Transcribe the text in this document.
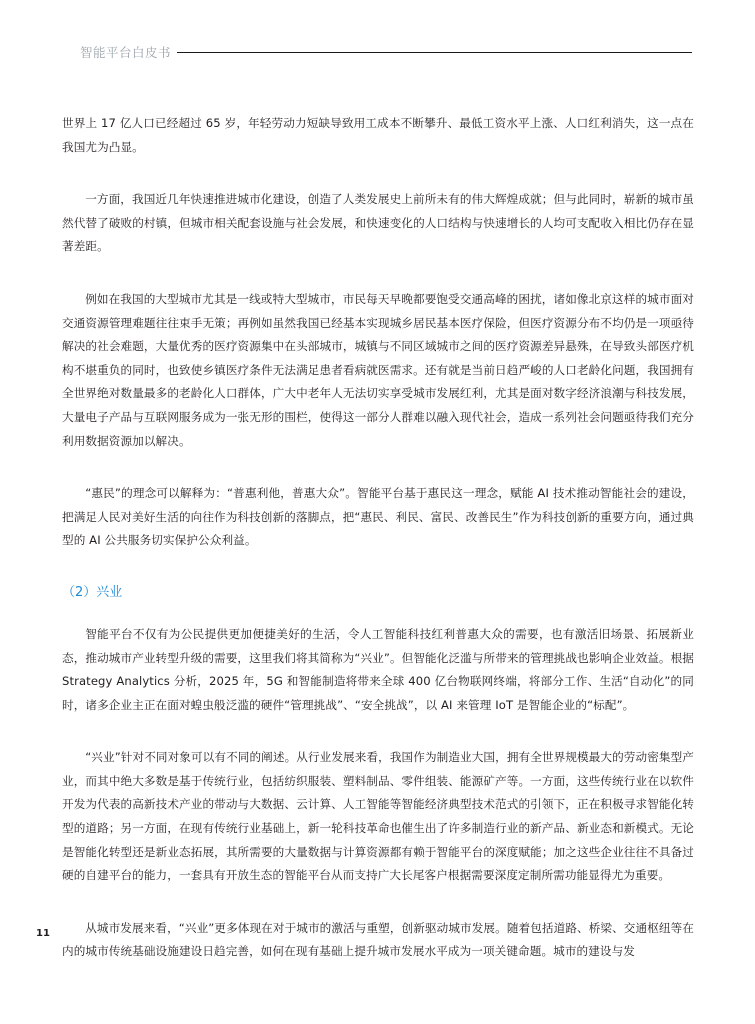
智能平台白皮书

世界上 17 亿人口已经超过 65 岁，年轻劳动力短缺导致用工成本不断攀升、最低工资水平上涨、人口红利消失，这一点在我国尤为凸显。

一方面，我国近几年快速推进城市化建设，创造了人类发展史上前所未有的伟大辉煌成就；但与此同时，崭新的城市虽然代替了破败的村镇，但城市相关配套设施与社会发展，和快速变化的人口结构与快速增长的人均可支配收入相比仍存在显著差距。

例如在我国的大型城市尤其是一线或特大型城市，市民每天早晚都要饱受交通高峰的困扰，诸如像北京这样的城市面对交通资源管理难题往往束手无策；再例如虽然我国已经基本实现城乡居民基本医疗保险，但医疗资源分布不均仍是一项亟待解决的社会难题，大量优秀的医疗资源集中在头部城市，城镇与不同区域城市之间的医疗资源差异悬殊，在导致头部医疗机构不堪重负的同时，也致使乡镇医疗条件无法满足患者看病就医需求。还有就是当前日趋严峻的人口老龄化问题，我国拥有全世界绝对数量最多的老龄化人口群体，广大中老年人无法切实享受城市发展红利，尤其是面对数字经济浪潮与科技发展，大量电子产品与互联网服务成为一张无形的围栏，使得这一部分人群难以融入现代社会，造成一系列社会问题亟待我们充分利用数据资源加以解决。

“惠民”的理念可以解释为：“普惠利他，普惠大众”。智能平台基于惠民这一理念，赋能 AI 技术推动智能社会的建设，把满足人民对美好生活的向往作为科技创新的落脚点，把“惠民、利民、富民、改善民生”作为科技创新的重要方向，通过典型的 AI 公共服务切实保护公众利益。

（2）兴业

智能平台不仅有为公民提供更加便捷美好的生活，令人工智能科技红利普惠大众的需要，也有激活旧场景、拓展新业态，推动城市产业转型升级的需要，这里我们将其简称为“兴业”。但智能化泛滥与所带来的管理挑战也影响企业效益。根据 Strategy Analytics 分析，2025 年，5G 和智能制造将带来全球 400 亿台物联网终端，将部分工作、生活“自动化”的同时，诸多企业主正在面对蝗虫般泛滥的硬件“管理挑战”、“安全挑战”，以 AI 来管理 IoT 是智能企业的“标配”。

“兴业”针对不同对象可以有不同的阐述。从行业发展来看，我国作为制造业大国，拥有全世界规模最大的劳动密集型产业，而其中绝大多数是基于传统行业，包括纺织服装、塑料制品、零件组装、能源矿产等。一方面，这些传统行业在以软件开发为代表的高新技术产业的带动与大数据、云计算、人工智能等智能经济典型技术范式的引领下，正在积极寻求智能化转型的道路；另一方面，在现有传统行业基础上，新一轮科技革命也催生出了许多制造行业的新产品、新业态和新模式。无论是智能化转型还是新业态拓展，其所需要的大量数据与计算资源都有赖于智能平台的深度赋能；加之这些企业往往不具备过硬的自建平台的能力，一套具有开放生态的智能平台从而支持广大长尾客户根据需要深度定制所需功能显得尤为重要。

从城市发展来看，“兴业”更多体现在对于城市的激活与重塑，创新驱动城市发展。随着包括道路、桥梁、交通枢纽等在内的城市传统基础设施建设日趋完善，如何在现有基础上提升城市发展水平成为一项关键命题。城市的建设与发

11
